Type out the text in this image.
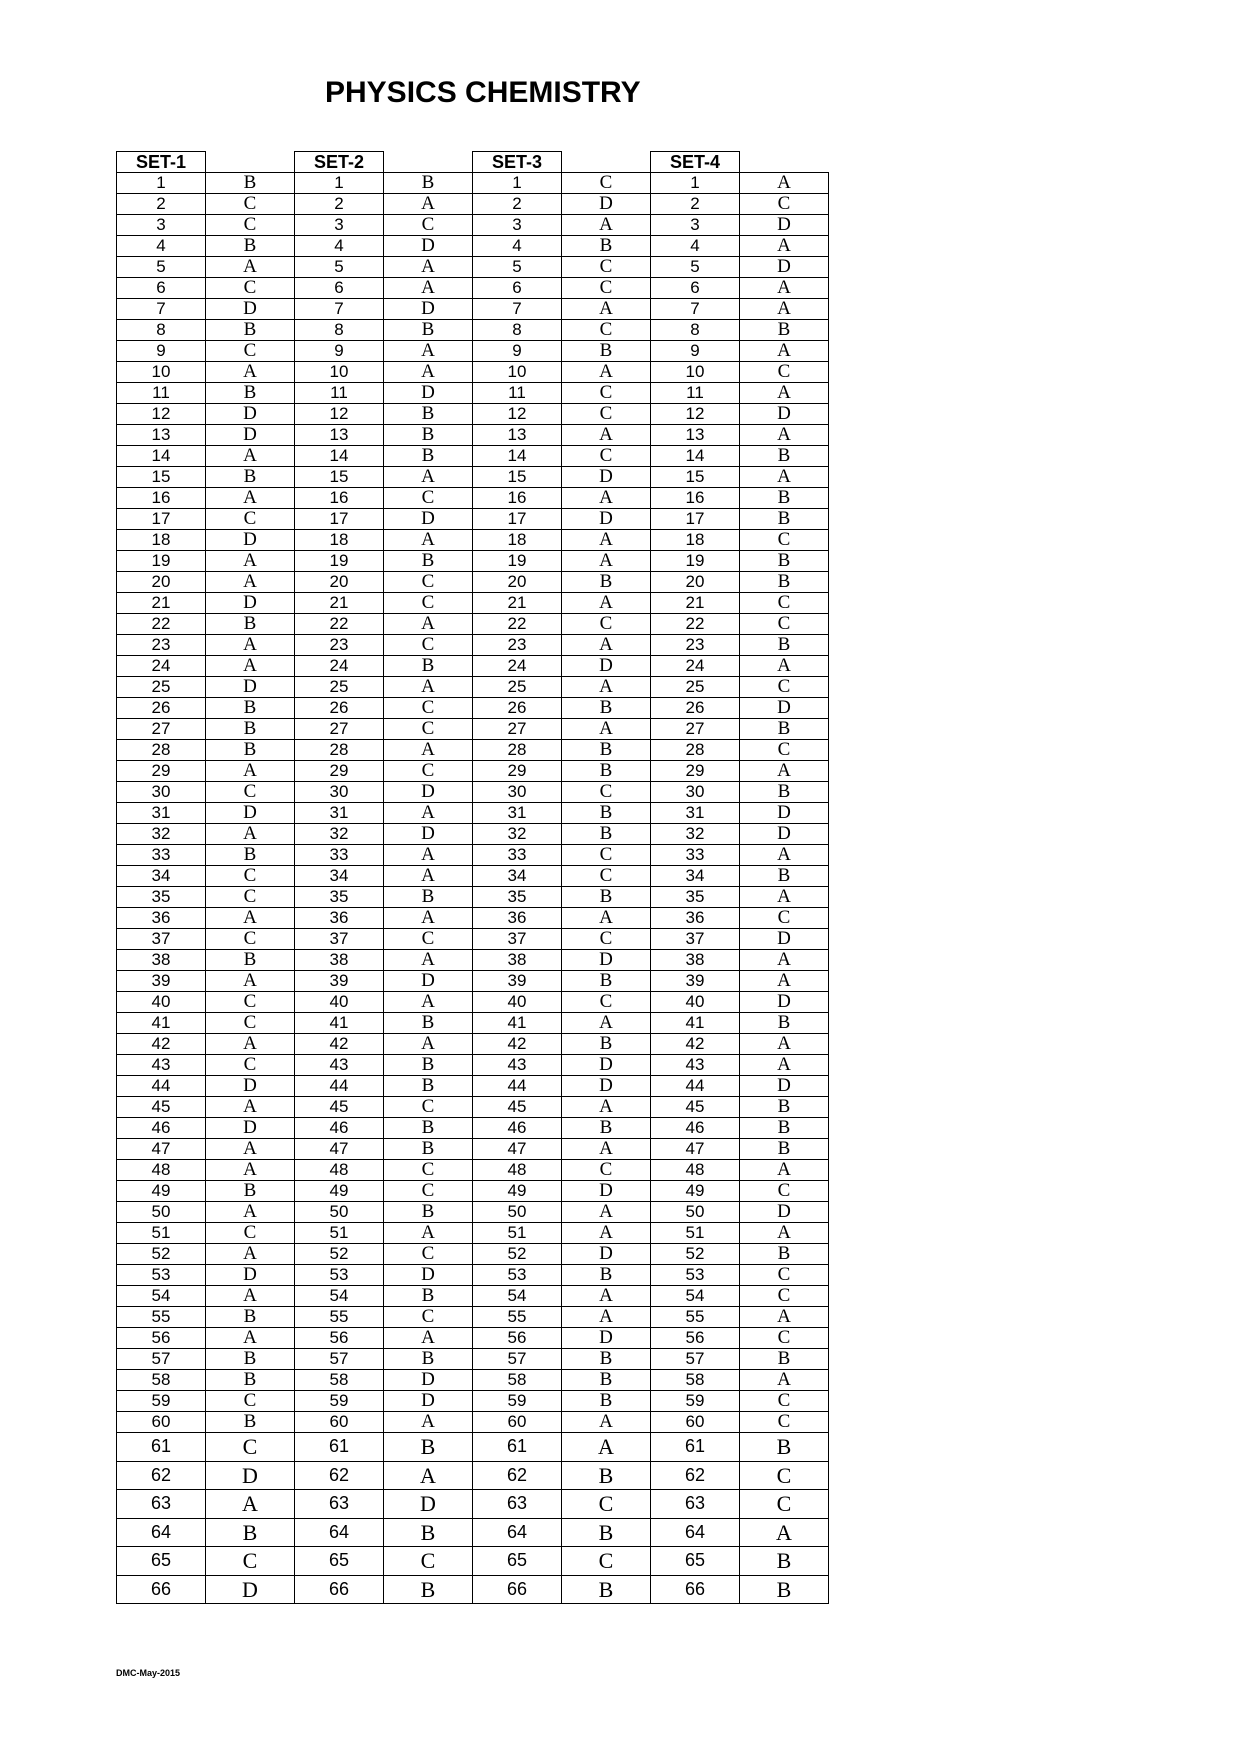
PHYSICS CHEMISTRY
SET-1		SET-2		SET-3		SET-4	
1	B	1	B	1	C	1	A
2	C	2	A	2	D	2	C
3	C	3	C	3	A	3	D
4	B	4	D	4	B	4	A
5	A	5	A	5	C	5	D
6	C	6	A	6	C	6	A
7	D	7	D	7	A	7	A
8	B	8	B	8	C	8	B
9	C	9	A	9	B	9	A
10	A	10	A	10	A	10	C
11	B	11	D	11	C	11	A
12	D	12	B	12	C	12	D
13	D	13	B	13	A	13	A
14	A	14	B	14	C	14	B
15	B	15	A	15	D	15	A
16	A	16	C	16	A	16	B
17	C	17	D	17	D	17	B
18	D	18	A	18	A	18	C
19	A	19	B	19	A	19	B
20	A	20	C	20	B	20	B
21	D	21	C	21	A	21	C
22	B	22	A	22	C	22	C
23	A	23	C	23	A	23	B
24	A	24	B	24	D	24	A
25	D	25	A	25	A	25	C
26	B	26	C	26	B	26	D
27	B	27	C	27	A	27	B
28	B	28	A	28	B	28	C
29	A	29	C	29	B	29	A
30	C	30	D	30	C	30	B
31	D	31	A	31	B	31	D
32	A	32	D	32	B	32	D
33	B	33	A	33	C	33	A
34	C	34	A	34	C	34	B
35	C	35	B	35	B	35	A
36	A	36	A	36	A	36	C
37	C	37	C	37	C	37	D
38	B	38	A	38	D	38	A
39	A	39	D	39	B	39	A
40	C	40	A	40	C	40	D
41	C	41	B	41	A	41	B
42	A	42	A	42	B	42	A
43	C	43	B	43	D	43	A
44	D	44	B	44	D	44	D
45	A	45	C	45	A	45	B
46	D	46	B	46	B	46	B
47	A	47	B	47	A	47	B
48	A	48	C	48	C	48	A
49	B	49	C	49	D	49	C
50	A	50	B	50	A	50	D
51	C	51	A	51	A	51	A
52	A	52	C	52	D	52	B
53	D	53	D	53	B	53	C
54	A	54	B	54	A	54	C
55	B	55	C	55	A	55	A
56	A	56	A	56	D	56	C
57	B	57	B	57	B	57	B
58	B	58	D	58	B	58	A
59	C	59	D	59	B	59	C
60	B	60	A	60	A	60	C
61	C	61	B	61	A	61	B
62	D	62	A	62	B	62	C
63	A	63	D	63	C	63	C
64	B	64	B	64	B	64	A
65	C	65	C	65	C	65	B
66	D	66	B	66	B	66	B
DMC-May-2015
